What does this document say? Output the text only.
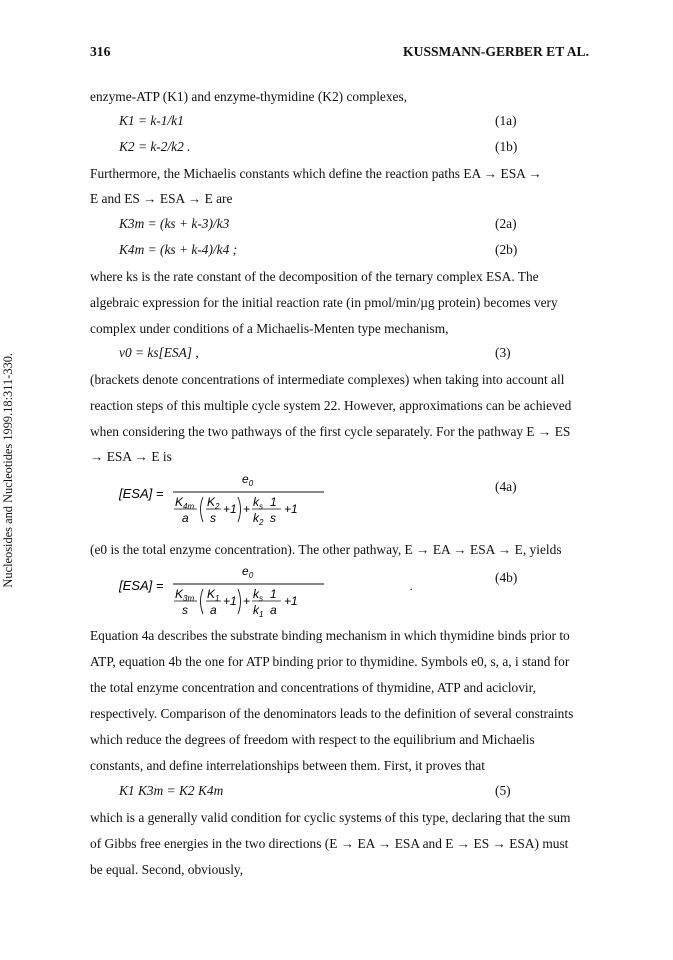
316	KUSSMANN-GERBER ET AL.
Nucleosides and Nucleotides 1999.18:311-330.
enzyme-ATP (K1) and enzyme-thymidine (K2) complexes,
K1 = k-1/k1	(1a)
K2 = k-2/k2 .	(1b)
Furthermore, the Michaelis constants which define the reaction paths EA → ESA →
E and ES → ESA → E are
K3m = (ks + k-3)/k3	(2a)
K4m = (ks + k-4)/k4 ;	(2b)
where ks is the rate constant of the decomposition of the ternary complex ESA. The
algebraic expression for the initial reaction rate (in pmol/min/µg protein) becomes very
complex under conditions of a Michaelis-Menten type mechanism,
v0 = ks[ESA] ,	(3)
(brackets denote concentrations of intermediate complexes) when taking into account all
reaction steps of this multiple cycle system 22. However, approximations can be achieved
when considering the two pathways of the first cycle separately. For the pathway E → ES
→ ESA → E is
[ESA] =
$e_0$
$K_{4m}$
a
$K_2$
s
$+1 + k_s$ 1
$k_2$ s
+1
(4a)
(e0 is the total enzyme concentration). The other pathway, E → EA → ESA → E, yields
[ESA] =
$e_0$
$K_{3m}$
s
$K_1$
a
$+1 + k_s$ 1
$k_1$ a
+1
.
(4b)
Equation 4a describes the substrate binding mechanism in which thymidine binds prior to
ATP, equation 4b the one for ATP binding prior to thymidine. Symbols e0, s, a, i stand for
the total enzyme concentration and concentrations of thymidine, ATP and aciclovir,
respectively. Comparison of the denominators leads to the definition of several constraints
which reduce the degrees of freedom with respect to the equilibrium and Michaelis
constants, and define interrelationships between them. First, it proves that
K1 K3m = K2 K4m	(5)
which is a generally valid condition for cyclic systems of this type, declaring that the sum
of Gibbs free energies in the two directions (E → EA → ESA and E → ES → ESA) must
be equal. Second, obviously,
